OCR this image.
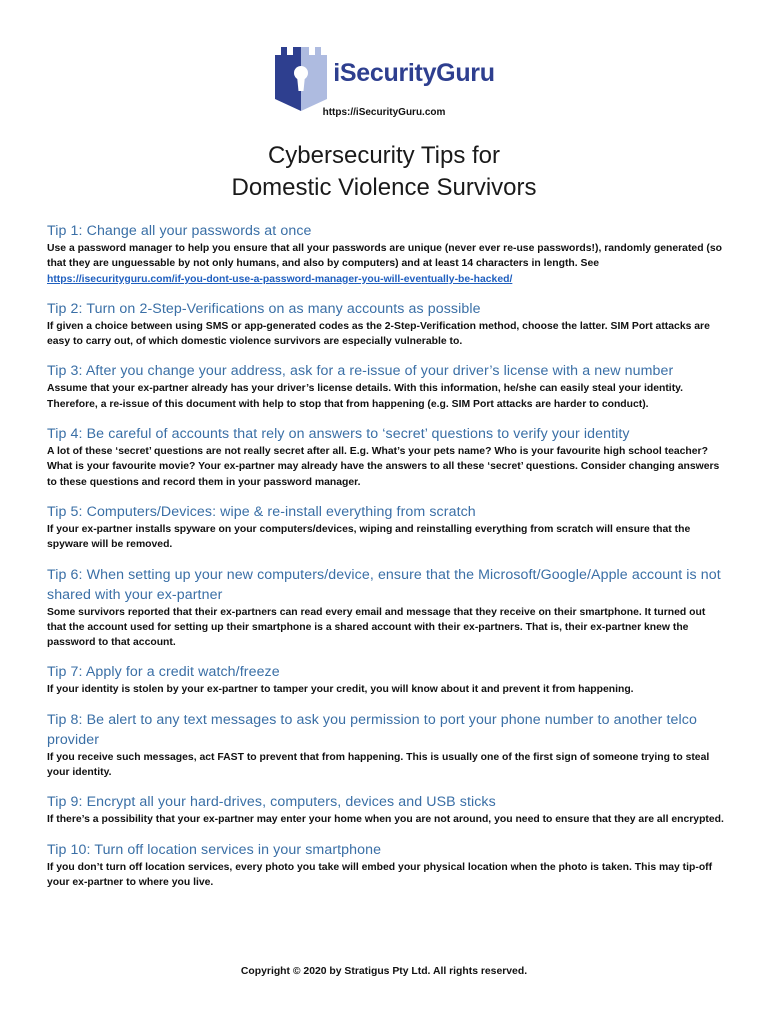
iSecurityGuru
https://iSecurityGuru.com
Cybersecurity Tips for
Domestic Violence Survivors

Tip 1: Change all your passwords at once

Use a password manager to help you ensure that all your passwords are unique (never ever re-use passwords!), randomly generated (so that they are unguessable by not only humans, and also by computers) and at least 14 characters in length. See https://isecurityguru.com/if-you-dont-use-a-password-manager-you-will-eventually-be-hacked/

Tip 2: Turn on 2-Step-Verifications on as many accounts as possible

If given a choice between using SMS or app-generated codes as the 2-Step-Verification method, choose the latter. SIM Port attacks are easy to carry out, of which domestic violence survivors are especially vulnerable to.

Tip 3: After you change your address, ask for a re-issue of your driver’s license with a new number

Assume that your ex-partner already has your driver’s license details. With this information, he/she can easily steal your identity. Therefore, a re-issue of this document with help to stop that from happening (e.g. SIM Port attacks are harder to conduct).

Tip 4: Be careful of accounts that rely on answers to ‘secret’ questions to verify your identity

A lot of these ‘secret’ questions are not really secret after all. E.g. What’s your pets name? Who is your favourite high school teacher? What is your favourite movie? Your ex-partner may already have the answers to all these ‘secret’ questions. Consider changing answers to these questions and record them in your password manager.

Tip 5: Computers/Devices: wipe & re-install everything from scratch

If your ex-partner installs spyware on your computers/devices, wiping and reinstalling everything from scratch will ensure that the spyware will be removed.

Tip 6: When setting up your new computers/device, ensure that the Microsoft/Google/Apple account is not shared with your ex-partner

Some survivors reported that their ex-partners can read every email and message that they receive on their smartphone. It turned out that the account used for setting up their smartphone is a shared account with their ex-partners. That is, their ex-partner knew the password to that account.

Tip 7: Apply for a credit watch/freeze

If your identity is stolen by your ex-partner to tamper your credit, you will know about it and prevent it from happening.

Tip 8: Be alert to any text messages to ask you permission to port your phone number to another telco provider

If you receive such messages, act FAST to prevent that from happening. This is usually one of the first sign of someone trying to steal your identity.

Tip 9: Encrypt all your hard-drives, computers, devices and USB sticks

If there’s a possibility that your ex-partner may enter your home when you are not around, you need to ensure that they are all encrypted.

Tip 10: Turn off location services in your smartphone

If you don’t turn off location services, every photo you take will embed your physical location when the photo is taken. This may tip-off your ex-partner to where you live.

Copyright © 2020 by Stratigus Pty Ltd. All rights reserved.
